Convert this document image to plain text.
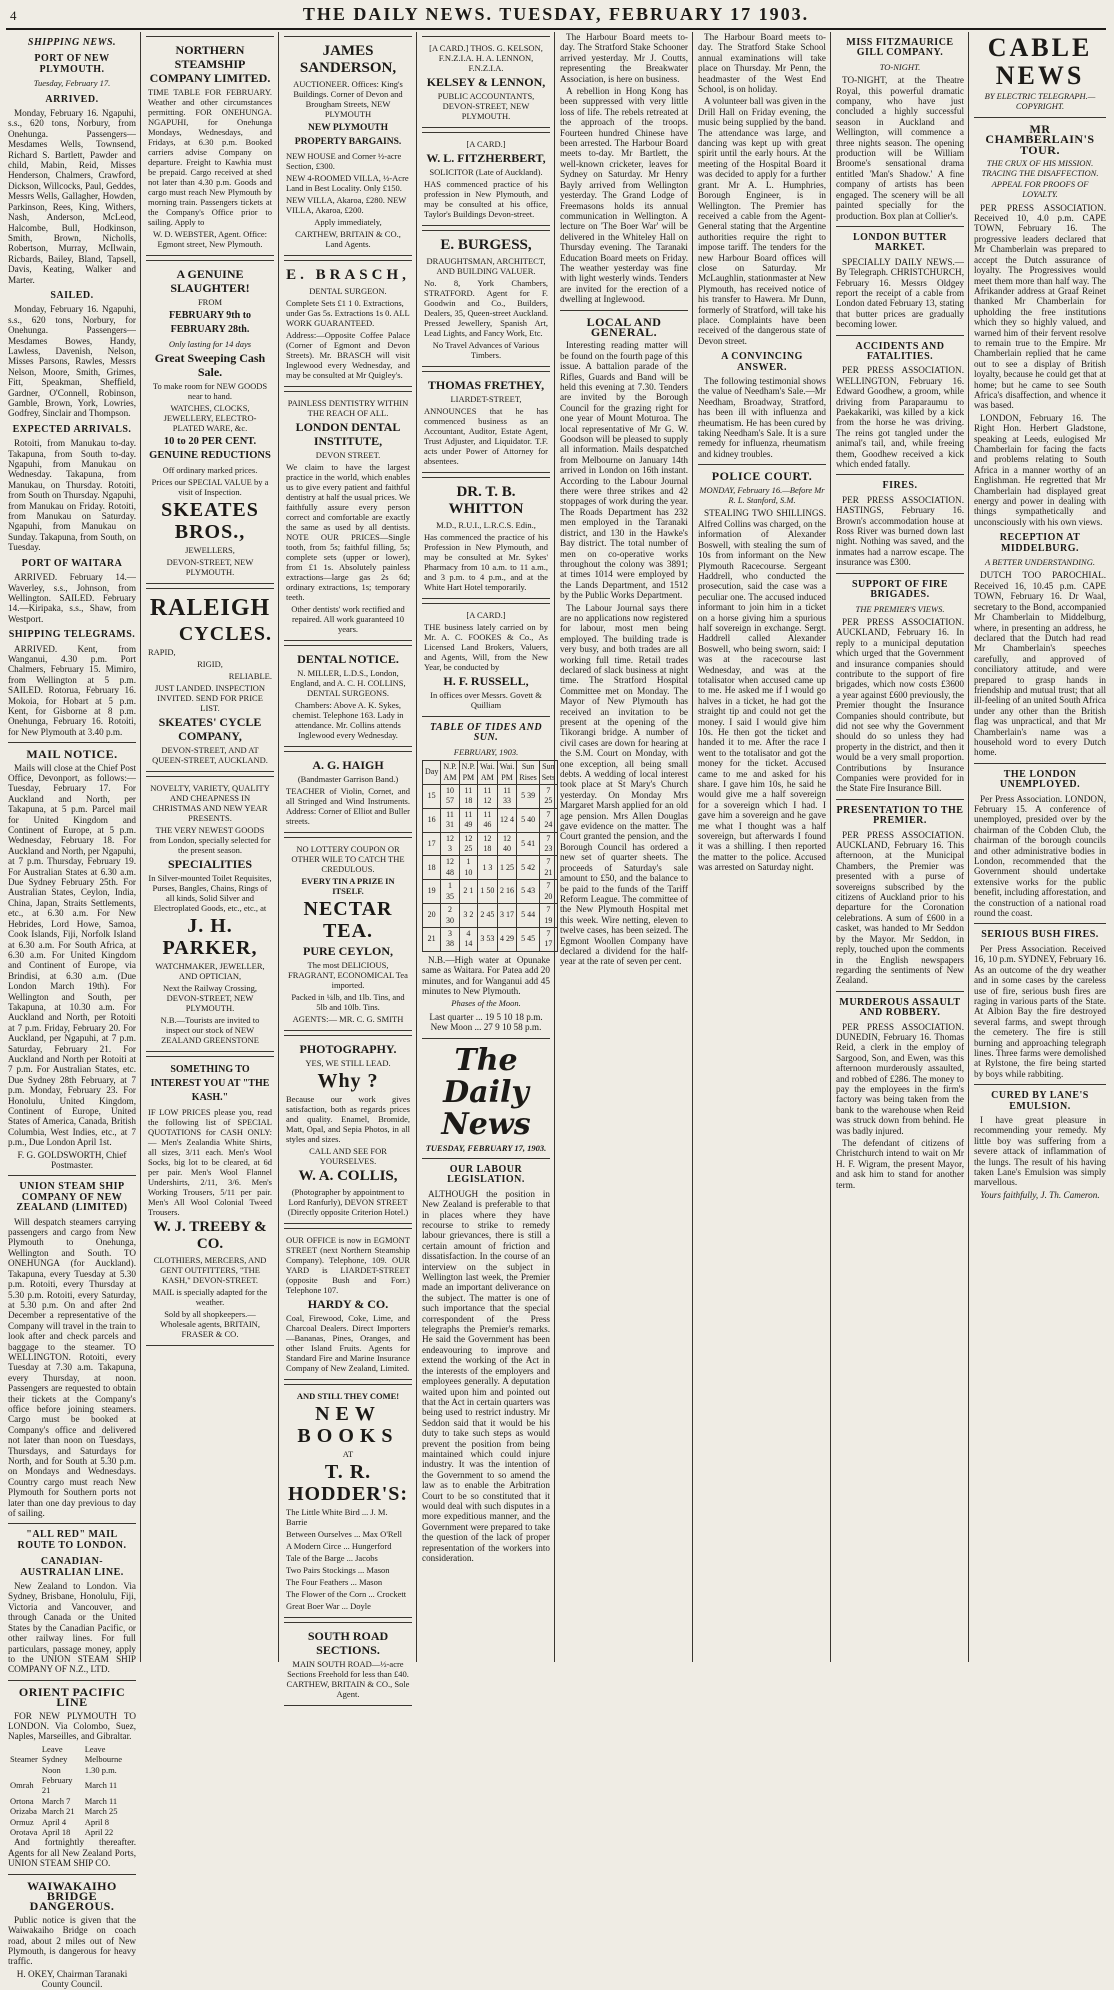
4	THE DAILY NEWS. TUESDAY, FEBRUARY 17 1903.
SHIPPING NEWS.
PORT OF NEW PLYMOUTH.
Tuesday, February 17.
ARRIVED.

Monday, February 16. Ngapuhi, s.s., 620 tons, Norbury, from Onehunga. Passengers—Mesdames Wells, Townsend, Richard S. Bartlett, Pawder and child, Mabin, Reid, Misses Henderson, Chalmers, Crawford, Dickson, Willcocks, Paul, Geddes, Messrs Wells, Gallagher, Howden, Parkinson, Rees, King, Withers, Nash, Anderson, McLeod, Halcombe, Bull, Hodkinson, Smith, Brown, Nicholls, Robertson, Murray, McIlwain, Ricbards, Bailey, Bland, Tapsell, Davis, Keating, Walker and Marter.

SAILED.

Monday, February 16. Ngapuhi, s.s., 620 tons, Norbury, for Onehunga. Passengers—Mesdames Bowes, Handy, Lawless, Davenish, Nelson, Misses Parsons, Rawles, Messrs Nelson, Moore, Smith, Grimes, Fitt, Speakman, Sheffield, Gardner, O'Connell, Robinson, Gamble, Brown, York, Lowries, Godfrey, Sinclair and Thompson.

EXPECTED ARRIVALS.

Rotoiti, from Manukau to-day. Takapuna, from South to-day. Ngapuhi, from Manukau on Wednesday. Takapuna, from Manukau, on Thursday. Rotoiti, from South on Thursday. Ngapuhi, from Manukau on Friday. Rotoiti, from Manukau on Saturday. Ngapuhi, from Manukau on Sunday. Takapuna, from South, on Tuesday.

PORT OF WAITARA

ARRIVED. February 14.—Waverley, s.s., Johnson, from Wellington. SAILED. February 14.—Kiripaka, s.s., Shaw, from Westport.

SHIPPING TELEGRAMS.

ARRIVED. Kent, from Wanganui, 4.30 p.m. Port Chalmers, February 15. Mimiro, from Wellington at 5 p.m. SAILED. Rotorua, February 16. Mokoia, for Hobart at 5 p.m. Kent, for Gisborne at 8 p.m. Onehunga, February 16. Rotoiti, for New Plymouth at 3.40 p.m.

MAIL NOTICE.

Mails will close at the Chief Post Office, Devonport, as follows:— Tuesday, February 17. For Auckland and North, per Takapuna, at 5 p.m. Parcel mail for United Kingdom and Continent of Europe, at 5 p.m. Wednesday, February 18. For Auckland and North, per Ngapuhi, at 7 p.m. Thursday, February 19. For Australian States at 6.30 a.m. Due Sydney February 25th. For Australian States, Ceylon, India, China, Japan, Straits Settlements, etc., at 6.30 a.m. For New Hebrides, Lord Howe, Samoa, Cook Islands, Fiji, Norfolk Island at 6.30 a.m. For South Africa, at 6.30 a.m. For United Kingdom and Continent of Europe, via Brindisi, at 6.30 a.m. (Due London March 19th). For Wellington and South, per Takapuna, at 10.30 a.m. For Auckland and North, per Rotoiti at 7 p.m. Friday, February 20. For Auckland, per Ngapuhi, at 7 p.m. Saturday, February 21. For Auckland and North per Rotoiti at 7 p.m. For Australian States, etc. Due Sydney 28th February, at 7 p.m. Monday, February 23. For Honolulu, United Kingdom, Continent of Europe, United States of America, Canada, British Columbia, West Indies, etc., at 7 p.m., Due London April 1st.

F. G. GOLDSWORTH, Chief Postmaster.

UNION STEAM SHIP COMPANY OF NEW ZEALAND (LIMITED)

Will despatch steamers carrying passengers and cargo from New Plymouth to Onehunga, Wellington and South. TO ONEHUNGA (for Auckland). Takapuna, every Tuesday at 5.30 p.m. Rotoiti, every Thursday at 5.30 p.m. Rotoiti, every Saturday, at 5.30 p.m. On and after 2nd December a representative of the Company will travel in the train to look after and check parcels and baggage to the steamer. TO WELLINGTON. Rotoiti, every Tuesday at 7.30 a.m. Takapuna, every Thursday, at noon. Passengers are requested to obtain their tickets at the Company's office before joining steamers. Cargo must be booked at Company's office and delivered not later than noon on Tuesdays, Thursdays, and Saturdays for North, and for South at 5.30 p.m. on Mondays and Wednesdays. Country cargo must reach New Plymouth for Southern ports not later than one day previous to day of sailing.

"ALL RED" MAIL ROUTE TO LONDON.
CANADIAN-AUSTRALIAN LINE.

New Zealand to London. Via Sydney, Brisbane, Honolulu, Fiji, Victoria and Vancouver, and through Canada or the United States by the Canadian Pacific, or other railway lines. For full particulars, passage money, apply to the UNION STEAM SHIP COMPANY OF N.Z., LTD.

ORIENT PACIFIC LINE

FOR NEW PLYMOUTH TO LONDON. Via Colombo, Suez, Naples, Marseilles, and Gibraltar.

Steamer	Leave Sydney Noon	Leave Melbourne 1.30 p.m.
Omrah	February 21	March 11
Ortona	March 7	March 11
Orizaba	March 21	March 25
Ormuz	April 4	April 8
Orotava	April 18	April 22

And fortnightly thereafter. Agents for all New Zealand Ports, UNION STEAM SHIP CO.

WAIWAKAIHO BRIDGE DANGEROUS.

Public notice is given that the Waiwakaiho Bridge on coach road, about 2 miles out of New Plymouth, is dangerous for heavy traffic.

H. OKEY, Chairman Taranaki County Council.

NORTHERN STEAMSHIP COMPANY LIMITED.
TIME TABLE FOR FEBRUARY. Weather and other circumstances permitting. FOR ONEHUNGA. NGAPUHI, for Onehunga Mondays, Wednesdays, and Fridays, at 6.30 p.m. Booked carriers advise Company on departure. Freight to Kawhia must be prepaid. Cargo received at shed not later than 4.30 p.m. Goods and cargo must reach New Plymouth by morning train. Passengers tickets at the Company's Office prior to sailing. Apply to
W. D. WEBSTER, Agent. Office: Egmont street, New Plymouth.
A GENUINE SLAUGHTER!
FROM
FEBRUARY 9th to FEBRUARY 28th.
Only lasting for 14 days
Great Sweeping Cash Sale.
To make room for NEW GOODS near to hand.
WATCHES, CLOCKS, JEWELLERY, ELECTRO-PLATED WARE, &c.
10 to 20 PER CENT. GENUINE REDUCTIONS
Off ordinary marked prices.
Prices our SPECIAL VALUE by a visit of Inspection.
SKEATES BROS.,
JEWELLERS,
DEVON-STREET, NEW PLYMOUTH.
RALEIGH
CYCLES.
RAPID,
RIGID,
RELIABLE.
JUST LANDED. INSPECTION INVITED. SEND FOR PRICE LIST.
SKEATES' CYCLE COMPANY,
DEVON-STREET, AND AT QUEEN-STREET, AUCKLAND.
NOVELTY, VARIETY, QUALITY AND CHEAPNESS IN CHRISTMAS AND NEW YEAR PRESENTS.
THE VERY NEWEST GOODS from London, specially selected for the present season.
SPECIALITIES
In Silver-mounted Toilet Requisites, Purses, Bangles, Chains, Rings of all kinds, Solid Silver and Electroplated Goods, etc., etc., at
J. H. PARKER,
WATCHMAKER, JEWELLER, AND OPTICIAN,
Next the Railway Crossing, DEVON-STREET, NEW PLYMOUTH.
N.B.—Tourists are invited to inspect our stock of NEW ZEALAND GREENSTONE
SOMETHING TO INTEREST YOU AT "THE KASH."
IF LOW PRICES please you, read the following list of SPECIAL QUOTATIONS for CASH ONLY:— Men's Zealandia White Shirts, all sizes, 3/11 each. Men's Wool Socks, big lot to be cleared, at 6d per pair. Men's Wool Flannel Undershirts, 2/11, 3/6. Men's Working Trousers, 5/11 per pair. Men's All Wool Colonial Tweed Trousers.
W. J. TREEBY & CO.
CLOTHIERS, MERCERS, AND GENT OUTFITTERS, "THE KASH," DEVON-STREET.
MAIL is specially adapted for the weather.
Sold by all shopkeepers.—Wholesale agents, BRITAIN, FRASER & CO.
JAMES SANDERSON,
AUCTIONEER. Offices: King's Buildings. Corner of Devon and Brougham Streets, NEW PLYMOUTH
NEW PLYMOUTH PROPERTY BARGAINS.
NEW HOUSE and Corner ½-acre Section, £300.
NEW 4-ROOMED VILLA, ½-Acre Land in Best Locality. Only £150.
NEW VILLA, Akaroa, £280. NEW VILLA, Akaroa, £200.
Apply immediately,
CARTHEW, BRITAIN & CO., Land Agents.
E. BRASCH,
DENTAL SURGEON.
Complete Sets £1 1 0. Extractions, under Gas 5s. Extractions 1s 0. ALL WORK GUARANTEED.
Address:—Opposite Coffee Palace (Corner of Egmont and Devon Streets). Mr. BRASCH will visit Inglewood every Wednesday, and may be consulted at Mr Quigley's.
PAINLESS DENTISTRY WITHIN THE REACH OF ALL.
LONDON DENTAL INSTITUTE,
DEVON STREET.
We claim to have the largest practice in the world, which enables us to give every patient and faithful dentistry at half the usual prices. We faithfully assure every person correct and comfortable are exactly the same as used by all dentists. NOTE OUR PRICES—Single tooth, from 5s; faithful filling, 5s; complete sets (upper or lower), from £1 1s. Absolutely painless extractions—large gas 2s 6d; ordinary extractions, 1s; temporary teeth.
Other dentists' work rectified and repaired. All work guaranteed 10 years.
DENTAL NOTICE.
N. MILLER, L.D.S., London, England, and A. C. H. COLLINS, DENTAL SURGEONS.
Chambers: Above A. K. Sykes, chemist. Telephone 163. Lady in attendance. Mr. Collins attends Inglewood every Wednesday.
A. G. HAIGH
(Bandmaster Garrison Band.)
TEACHER of Violin, Cornet, and all Stringed and Wind Instruments. Address: Corner of Elliot and Buller streets.
NO LOTTERY COUPON OR OTHER WILE TO CATCH THE CREDULOUS.
EVERY TIN A PRIZE IN ITSELF.
NECTAR TEA.
PURE CEYLON,
The most DELICIOUS, FRAGRANT, ECONOMICAL Tea imported.
Packed in ¼lb, and 1lb. Tins, and 5lb and 10lb. Tins.
AGENTS:— MR. C. G. SMITH
PHOTOGRAPHY.
YES, WE STILL LEAD.
Why ?
Because our work gives satisfaction, both as regards prices and quality. Enamel, Bromide, Matt, Opal, and Sepia Photos, in all styles and sizes.
CALL AND SEE FOR YOURSELVES.
W. A. COLLIS,
(Photographer by appointment to Lord Ranfurly), DEVON STREET (Directly opposite Criterion Hotel.)
OUR OFFICE is now in EGMONT STREET (next Northern Steamship Company). Telephone, 109. OUR YARD is LIARDET-STREET (opposite Bush and Forr.) Telephone 107.
HARDY & CO.
Coal, Firewood, Coke, Lime, and Charcoal Dealers. Direct Importers—Bananas, Pines, Oranges, and other Island Fruits. Agents for Standard Fire and Marine Insurance Company of New Zealand, Limited.
AND STILL THEY COME!
NEW BOOKS
AT
T. R. HODDER'S:
The Little White Bird ... J. M. Barrie
Between Ourselves ... Max O'Rell
A Modern Circe ... Hungerford
Tale of the Barge ... Jacobs
Two Pairs Stockings ... Mason
The Four Feathers ... Mason
The Flower of the Corn ... Crockett
Great Boer War ... Doyle
SOUTH ROAD SECTIONS.
MAIN SOUTH ROAD—½-acre Sections Freehold for less than £40. CARTHEW, BRITAIN & CO., Sole Agent.
[A CARD.] THOS. G. KELSON, F.N.Z.I.A. H. A. LENNON, F.N.Z.I.A.
KELSEY & LENNON,
PUBLIC ACCOUNTANTS, DEVON-STREET, NEW PLYMOUTH.
[A CARD.]
W. L. FITZHERBERT,
SOLICITOR (Late of Auckland).
HAS commenced practice of his profession in New Plymouth, and may be consulted at his office, Taylor's Buildings Devon-street.
E. BURGESS,
DRAUGHTSMAN, ARCHITECT, AND BUILDING VALUER.
No. 8, York Chambers, STRATFORD. Agent for F. Goodwin and Co., Builders, Dealers, 35, Queen-street Auckland. Pressed Jewellery, Spanish Art, Lead Lights, and Fancy Work, Etc.
No Travel Advances of Various Timbers.
THOMAS FRETHEY,
LIARDET-STREET,
ANNOUNCES that he has commenced business as an Accountant, Auditor, Estate Agent, Trust Adjuster, and Liquidator. T.F. acts under Power of Attorney for absentees.
DR. T. B. WHITTON
M.D., R.U.I., L.R.C.S. Edin.,
Has commenced the practice of his Profession in New Plymouth, and may be consulted at Mr. Sykes' Pharmacy from 10 a.m. to 11 a.m., and 3 p.m. to 4 p.m., and at the White Hart Hotel temporarily.
[A CARD.]
THE business lately carried on by Mr. A. C. FOOKES & Co., As Licensed Land Brokers, Valuers, and Agents, Will, from the New Year, be conducted by
H. F. RUSSELL,
In offices over Messrs. Govett & Quilliam
TABLE OF TIDES AND SUN.
FEBRUARY, 1903.
Day	N.P. AM	N.P. PM	Wai. AM	Wai. PM	Sun Rises	Sun Sets
15	10 57	11 18	11 12	11 33	5 39	7 25
16	11 31	11 49	11 46	12 4	5 40	7 24
17	12 3	12 25	12 18	12 40	5 41	7 23
18	12 48	1 10	1 3	1 25	5 42	7 21
19	1 35	2 1	1 50	2 16	5 43	7 20
20	2 30	3 2	2 45	3 17	5 44	7 19
21	3 38	4 14	3 53	4 29	5 45	7 17

N.B.—High water at Opunake same as Waitara. For Patea add 20 minutes, and for Wanganui add 45 minutes to New Plymouth.

Phases of the Moon.

Last quarter ... 19 5 10 18 p.m. New Moon ... 27 9 10 58 p.m.

The Daily News
TUESDAY, FEBRUARY 17, 1903.
OUR LABOUR LEGISLATION.

ALTHOUGH the position in New Zealand is preferable to that in places where they have recourse to strike to remedy labour grievances, there is still a certain amount of friction and dissatisfaction. In the course of an interview on the subject in Wellington last week, the Premier made an important deliverance on the subject. The matter is one of such importance that the special correspondent of the Press telegraphs the Premier's remarks. He said the Government has been endeavouring to improve and extend the working of the Act in the interests of the employers and employees generally. A deputation waited upon him and pointed out that the Act in certain quarters was being used to restrict industry. Mr Seddon said that it would be his duty to take such steps as would prevent the position from being maintained which could injure industry. It was the intention of the Government to so amend the law as to enable the Arbitration Court to be so constituted that it would deal with such disputes in a more expeditious manner, and the Government were prepared to take the question of the lack of proper representation of the workers into consideration.

The Harbour Board meets to-day. The Stratford Stake Schooner arrived yesterday. Mr J. Coutts, representing the Breakwater Association, is here on business.

A rebellion in Hong Kong has been suppressed with very little loss of life. The rebels retreated at the approach of the troops. Fourteen hundred Chinese have been arrested. The Harbour Board meets to-day. Mr Bartlett, the well-known cricketer, leaves for Sydney on Saturday. Mr Henry Bayly arrived from Wellington yesterday. The Grand Lodge of Freemasons holds its annual communication in Wellington. A lecture on 'The Boer War' will be delivered in the Whiteley Hall on Thursday evening. The Taranaki Education Board meets on Friday. The weather yesterday was fine with light westerly winds. Tenders are invited for the erection of a dwelling at Inglewood.

LOCAL AND GENERAL.

Interesting reading matter will be found on the fourth page of this issue. A battalion parade of the Rifles, Guards and Band will be held this evening at 7.30. Tenders are invited by the Borough Council for the grazing right for one year of Mount Moturoa. The local representative of Mr G. W. Goodson will be pleased to supply all information. Mails despatched from Melbourne on January 14th arrived in London on 16th instant. According to the Labour Journal there were three strikes and 42 stoppages of work during the year. The Roads Department has 232 men employed in the Taranaki district, and 130 in the Hawke's Bay district. The total number of men on co-operative works throughout the colony was 3891; at times 1014 were employed by the Lands Department, and 1512 by the Public Works Department.

The Labour Journal says there are no applications now registered for labour, most men being employed. The building trade is very busy, and both trades are all working full time. Retail trades declared of slack business at night time. The Stratford Hospital Committee met on Monday. The Mayor of New Plymouth has received an invitation to be present at the opening of the Tikorangi bridge. A number of civil cases are down for hearing at the S.M. Court on Monday, with one exception, all being small debts. A wedding of local interest took place at St Mary's Church yesterday. On Monday Mrs Margaret Marsh applied for an old age pension. Mrs Allen Douglas gave evidence on the matter. The Court granted the pension, and the Borough Council has ordered a new set of quarter sheets. The proceeds of Saturday's sale amount to £50, and the balance to be paid to the funds of the Tariff Reform League. The committee of the New Plymouth Hospital met this week. Wire netting, eleven to twelve cases, has been seized. The Egmont Woollen Company have declared a dividend for the half-year at the rate of seven per cent.

The Harbour Board meets to-day. The Stratford Stake School annual examinations will take place on Thursday. Mr Penn, the headmaster of the West End School, is on holiday.

A volunteer ball was given in the Drill Hall on Friday evening, the music being supplied by the band. The attendance was large, and dancing was kept up with great spirit until the early hours. At the meeting of the Hospital Board it was decided to apply for a further grant. Mr A. L. Humphries, Borough Engineer, is in Wellington. The Premier has received a cable from the Agent-General stating that the Argentine authorities require the right to impose tariff. The tenders for the new Harbour Board offices will close on Saturday. Mr McLaughlin, stationmaster at New Plymouth, has received notice of his transfer to Hawera. Mr Dunn, formerly of Stratford, will take his place. Complaints have been received of the dangerous state of Devon street.

A CONVINCING ANSWER.

The following testimonial shows the value of Needham's Sale.—Mr Needham, Broadway, Stratford, has been ill with influenza and rheumatism. He has been cured by taking Needham's Sale. It is a sure remedy for influenza, rheumatism and kidney troubles.

POLICE COURT.
MONDAY, February 16.—Before Mr R. L. Stanford, S.M.

STEALING TWO SHILLINGS. Alfred Collins was charged, on the information of Alexander Boswell, with stealing the sum of 10s from informant on the New Plymouth Racecourse. Sergeant Haddrell, who conducted the prosecution, said the case was a peculiar one. The accused induced informant to join him in a ticket on a horse giving him a spurious half sovereign in exchange. Sergt. Haddrell called Alexander Boswell, who being sworn, said: I was at the racecourse last Wednesday, and was at the totalisator when accused came up to me. He asked me if I would go halves in a ticket, he had got the straight tip and could not get the money. I said I would give him 10s. He then got the ticket and handed it to me. After the race I went to the totalisator and got the money for the ticket. Accused came to me and asked for his share. I gave him 10s, he said he would give me a half sovereign for a sovereign which I had. I gave him a sovereign and he gave me what I thought was a half sovereign, but afterwards I found it was a shilling. I then reported the matter to the police. Accused was arrested on Saturday night.

MISS FITZMAURICE GILL COMPANY.
TO-NIGHT.

TO-NIGHT, at the Theatre Royal, this powerful dramatic company, who have just concluded a highly successful season in Auckland and Wellington, will commence a three nights season. The opening production will be William Broome's sensational drama entitled 'Man's Shadow.' A fine company of artists has been engaged. The scenery will be all painted specially for the production. Box plan at Collier's.

LONDON BUTTER MARKET.

SPECIALLY DAILY NEWS.—By Telegraph. CHRISTCHURCH, February 16. Messrs Oldgey report the receipt of a cable from London dated February 13, stating that butter prices are gradually becoming lower.

ACCIDENTS AND FATALITIES.

PER PRESS ASSOCIATION. WELLINGTON, February 16. Edward Goodhew, a groom, while driving from Paraparaumu to Paekakariki, was killed by a kick from the horse he was driving. The reins got tangled under the animal's tail, and, while freeing them, Goodhew received a kick which ended fatally.

FIRES.

PER PRESS ASSOCIATION. HASTINGS, February 16. Brown's accommodation house at Ross River was burned down last night. Nothing was saved, and the inmates had a narrow escape. The insurance was £300.

SUPPORT OF FIRE BRIGADES.
THE PREMIER'S VIEWS.

PER PRESS ASSOCIATION. AUCKLAND, February 16. In reply to a municipal deputation which urged that the Government and insurance companies should contribute to the support of fire brigades, which now costs £3600 a year against £600 previously, the Premier thought the Insurance Companies should contribute, but did not see why the Government should do so unless they had property in the district, and then it would be a very small proportion. Contributions by Insurance Companies were provided for in the State Fire Insurance Bill.

PRESENTATION TO THE PREMIER.

PER PRESS ASSOCIATION. AUCKLAND, February 16. This afternoon, at the Municipal Chambers, the Premier was presented with a purse of sovereigns subscribed by the citizens of Auckland prior to his departure for the Coronation celebrations. A sum of £600 in a casket, was handed to Mr Seddon by the Mayor. Mr Seddon, in reply, touched upon the comments in the English newspapers regarding the sentiments of New Zealand.

MURDEROUS ASSAULT AND ROBBERY.

PER PRESS ASSOCIATION. DUNEDIN, February 16. Thomas Reid, a clerk in the employ of Sargood, Son, and Ewen, was this afternoon murderously assaulted, and robbed of £286. The money to pay the employees in the firm's factory was being taken from the bank to the warehouse when Reid was struck down from behind. He was badly injured.

The defendant of citizens of Christchurch intend to wait on Mr H. F. Wigram, the present Mayor, and ask him to stand for another term.

CABLE NEWS
BY ELECTRIC TELEGRAPH.—COPYRIGHT.
MR CHAMBERLAIN'S TOUR.
THE CRUX OF HIS MISSION. TRACING THE DISAFFECTION. APPEAL FOR PROOFS OF LOYALTY.

PER PRESS ASSOCIATION. Received 10, 4.0 p.m. CAPE TOWN, February 16. The progressive leaders declared that Mr Chamberlain was prepared to accept the Dutch assurance of loyalty. The Progressives would meet them more than half way. The Afrikander address at Graaf Reinet thanked Mr Chamberlain for upholding the free institutions which they so highly valued, and warned him of their fervent resolve to remain true to the Empire. Mr Chamberlain replied that he came out to see a display of British loyalty, because he could get that at home; but he came to see South Africa's disaffection, and whence it was based.

LONDON, February 16. The Right Hon. Herbert Gladstone, speaking at Leeds, eulogised Mr Chamberlain for facing the facts and problems relating to South Africa in a manner worthy of an Englishman. He regretted that Mr Chamberlain had displayed great energy and power in dealing with things sympathetically and unconsciously with his own views.

RECEPTION AT MIDDELBURG.
A BETTER UNDERSTANDING.

DUTCH TOO PAROCHIAL. Received 16, 10.45 p.m. CAPE TOWN, February 16. Dr Waal, secretary to the Bond, accompanied Mr Chamberlain to Middelburg, where, in presenting an address, he declared that the Dutch had read Mr Chamberlain's speeches carefully, and approved of conciliatory attitude, and were prepared to grasp hands in friendship and mutual trust; that all ill-feeling of an united South Africa under any other than the British flag was unpractical, and that Mr Chamberlain's name was a household word to every Dutch home.

THE LONDON UNEMPLOYED.

Per Press Association. LONDON, February 15. A conference of unemployed, presided over by the chairman of the Cobden Club, the chairman of the borough councils and other administrative bodies in London, recommended that the Government should undertake extensive works for the public benefit, including afforestation, and the construction of a national road round the coast.

SERIOUS BUSH FIRES.

Per Press Association. Received 16, 10 p.m. SYDNEY, February 16. As an outcome of the dry weather and in some cases by the careless use of fire, serious bush fires are raging in various parts of the State. At Albion Bay the fire destroyed several farms, and swept through the cemetery. The fire is still burning and approaching telegraph lines. Three farms were demolished at Rylstone, the fire being started by boys while rabbiting.

CURED BY LANE'S EMULSION.

I have great pleasure in recommending your remedy. My little boy was suffering from a severe attack of inflammation of the lungs. The result of his having taken Lane's Emulsion was simply marvellous.

Yours faithfully, J. Th. Cameron.
